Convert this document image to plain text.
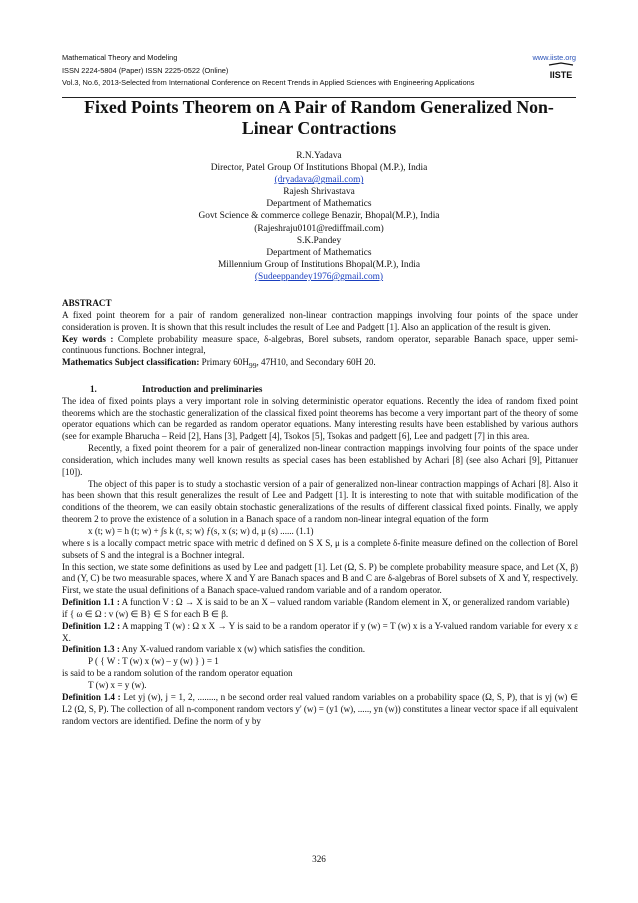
Mathematical Theory and Modeling
ISSN 2224-5804 (Paper) ISSN 2225-0522 (Online)
Vol.3, No.6, 2013-Selected from International Conference on Recent Trends in Applied Sciences with Engineering Applications
www.iiste.org
IISTE
Fixed Points Theorem on A Pair of Random Generalized Non-Linear Contractions
R.N.Yadava
Director, Patel Group Of Institutions Bhopal (M.P.), India
(dryadava@gmail.com)
Rajesh Shrivastava
Department of Mathematics
Govt Science & commerce college Benazir, Bhopal(M.P.), India
(Rajeshraju0101@rediffmail.com)
S.K.Pandey
Department of Mathematics
Millennium Group of Institutions Bhopal(M.P.), India
(Sudeeppandey1976@gmail.com)

ABSTRACT

A fixed point theorem for a pair of random generalized non-linear contraction mappings involving four points of the space under consideration is proven. It is shown that this result includes the result of Lee and Padgett [1]. Also an application of the result is given.

Key words : Complete probability measure space, δ-algebras, Borel subsets, random operator, separable Banach space, upper semi-continuous functions. Bochner integral,

Mathematics Subject classification: Primary $60H_{99}$, 47H10, and Secondary 60H 20.

1.	Introduction and preliminaries

The idea of fixed points plays a very important role in solving deterministic operator equations. Recently the idea of random fixed point theorems which are the stochastic generalization of the classical fixed point theorems has become a very important part of the theory of some operator equations which can be regarded as random operator equations. Many interesting results have been established by various authors (see for example Bharucha – Reid [2], Hans [3], Padgett [4], Tsokos [5], Tsokas and padgett [6], Lee and padgett [7] in this area.

Recently, a fixed point theorem for a pair of generalized non-linear contraction mappings involving four points of the space under consideration, which includes many well known results as special cases has been established by Achari [8] (see also Achari [9], Pittanuer [10]).

The object of this paper is to study a stochastic version of a pair of generalized non-linear contraction mappings of Achari [8]. Also it has been shown that this result generalizes the result of Lee and Padgett [1]. It is interesting to note that with suitable modification of the conditions of the theorem, we can easily obtain stochastic generalizations of the results of different classical fixed points. Finally, we apply theorem 2 to prove the existence of a solution in a Banach space of a random non-linear integral equation of the form

x (t; w) = h (t; w) + ∫s k (t, s; w) ƒ(s, x (s; w) d, μ (s) ...... (1.1)

where s is a locally compact metric space with metric d defined on S X S, μ is a complete δ-finite measure defined on the collection of Borel subsets of S and the integral is a Bochner integral.

In this section, we state some definitions as used by Lee and padgett [1]. Let (Ω, S. P) be complete probability measure space, and Let (X, β) and (Y, C) be two measurable spaces, where X and Y are Banach spaces and B and C are δ-algebras of Borel subsets of X and Y, respectively. First, we state the usual definitions of a Banach space-valued random variable and of a random operator.

Definition 1.1 : A function V : Ω → X is said to be an X – valued random variable (Random element in X, or generalized random variable)

if { ω ∈ Ω : v (w) ∈ B} ∈ S for each B ∈ β.

Definition 1.2 : A mapping T (w) : Ω x X → Y is said to be a random operator if y (w) = T (w) x is a Y-valued random variable for every x ε X.

Definition 1.3 : Any X-valued random variable x (w) which satisfies the condition.

P ( { W : T (w) x (w) – y (w) } ) = 1

is said to be a random solution of the random operator equation

T (w) x = y (w).

Definition 1.4 : Let yj (w), j = 1, 2, ........, n be second order real valued random variables on a probability space (Ω, S, P), that is yj (w) ∈ L2 (Ω, S, P). The collection of all n-component random vectors y' (w) = (y1 (w), ....., yn (w)) constitutes a linear vector space if all equivalent random vectors are identified. Define the norm of y by

326
